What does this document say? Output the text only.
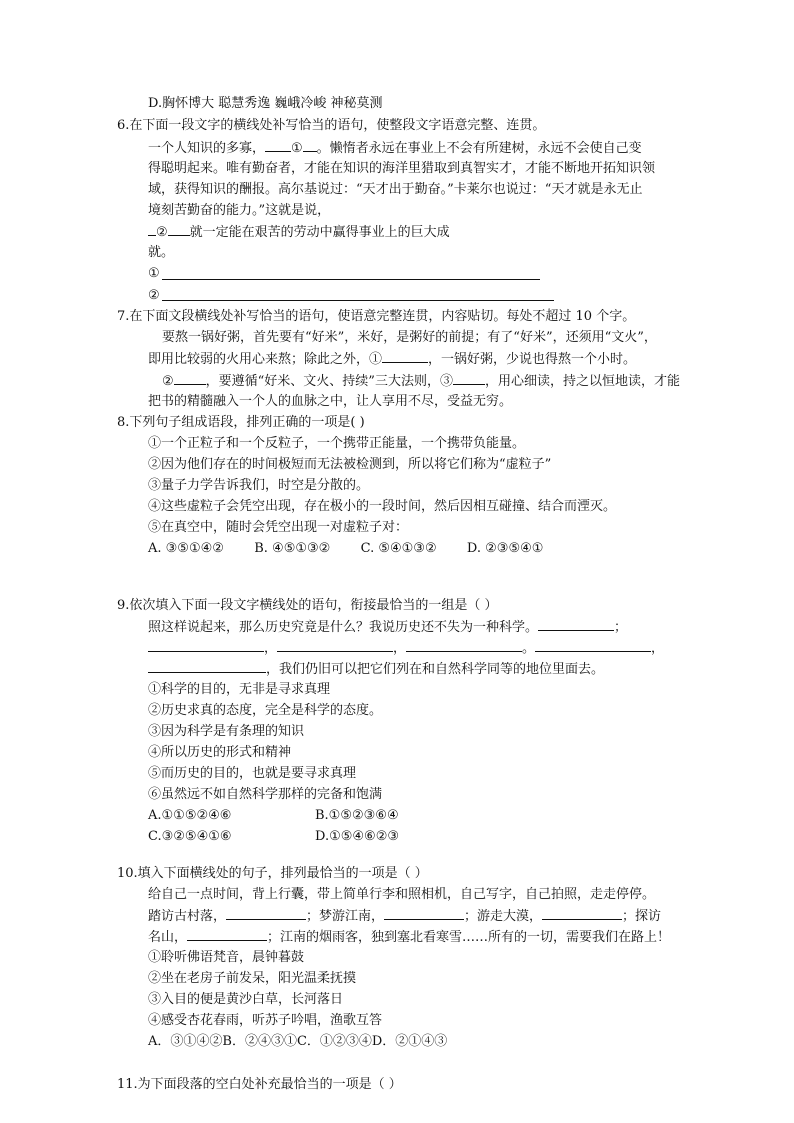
D.胸怀博大 聪慧秀逸 巍峨冷峻 神秘莫测
6.在下面一段文字的横线处补写恰当的语句，使整段文字语意完整、连贯。
一个人知识的多寡， ① 。懒惰者永远在事业上不会有所建树，永远不会使自己变
得聪明起来。唯有勤奋者，才能在知识的海洋里猎取到真智实才，才能不断地开拓知识领
域，获得知识的酬报。高尔基说过：“天才出于勤奋。”卡莱尔也说过：“天才就是永无止
境刻苦勤奋的能力。”这就是说，
② 就一定能在艰苦的劳动中赢得事业上的巨大成
就。
①
②
7.在下面文段横线处补写恰当的语句，使语意完整连贯，内容贴切。每处不超过 10 个字。
要熬一锅好粥，首先要有“好米”，米好，是粥好的前提；有了“好米”，还须用“文火”，
即用比较弱的火用心来熬；除此之外，①	，一锅好粥，少说也得熬一个小时。
② ，要遵循“好米、文火、持续”三大法则，③ ，用心细读，持之以恒地读，才能
把书的精髓融入一个人的血脉之中，让人享用不尽，受益无穷。
8.下列句子组成语段，排列正确的一项是( )
①一个正粒子和一个反粒子，一个携带正能量，一个携带负能量。
②因为他们存在的时间极短而无法被检测到，所以将它们称为“虚粒子”
③量子力学告诉我们，时空是分散的。
④这些虚粒子会凭空出现，存在极小的一段时间，然后因相互碰撞、结合而湮灭。
⑤在真空中，随时会凭空出现一对虚粒子对：
A. ③⑤①④② B. ④⑤①③② C. ⑤④①③② D. ②③⑤④①
9.依次填入下面一段文字横线处的语句，衔接最恰当的一组是（ ）
照这样说起来，那么历史究竟是什么？我说历史还不失为一种科学。	；
，	，	。	，
，我们仍旧可以把它们列在和自然科学同等的地位里面去。
①科学的目的，无非是寻求真理
②历史求真的态度，完全是科学的态度。
③因为科学是有条理的知识
④所以历史的形式和精神
⑤而历史的目的，也就是要寻求真理
⑥虽然远不如自然科学那样的完备和饱满
A.①①⑤②④⑥	B.①⑤②③⑥④
C.③②⑤④①⑥	D.①⑤④⑥②③
10.填入下面横线处的句子，排列最恰当的一项是（ ）
给自己一点时间，背上行囊，带上简单行李和照相机，自己写字，自己拍照，走走停停。
踏访古村落，	；梦游江南，	；游走大漠，	；探访
名山，	；江南的烟雨客，独到塞北看寒雪……所有的一切，需要我们在路上！
①聆听佛语梵音，晨钟暮鼓
②坐在老房子前发呆，阳光温柔抚摸
③入目的便是黄沙白草，长河落日
④感受杏花春雨，听苏子吟唱，渔歌互答
A．③①④②B．②④③①C．①②③④D．②①④③
11.为下面段落的空白处补充最恰当的一项是（ ）
